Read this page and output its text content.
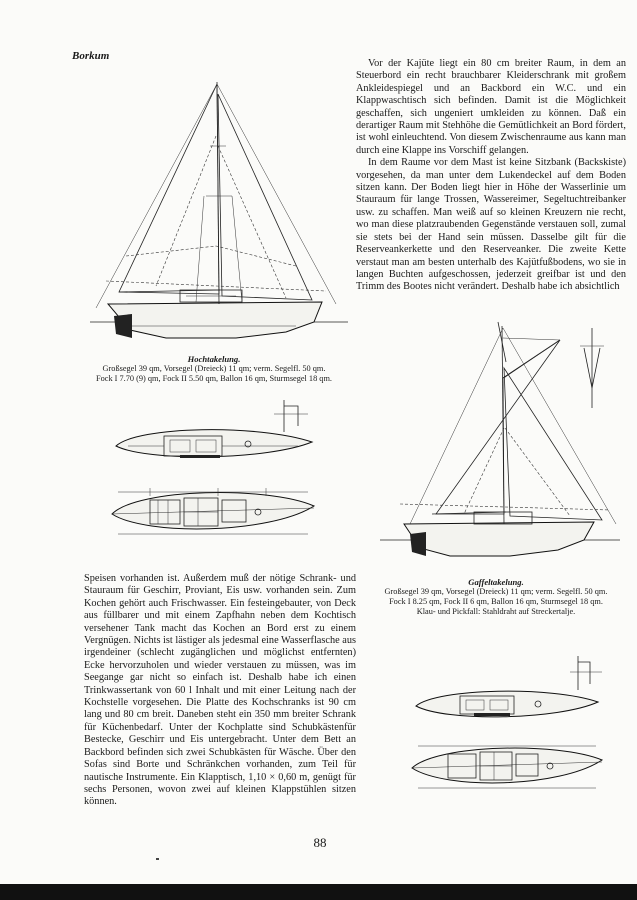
Borkum

Vor der Kajüte liegt ein 80 cm breiter Raum, in dem an Steuerbord ein recht brauchbarer Kleiderschrank mit großem Ankleidespiegel und an Backbord ein W.C. und ein Klappwaschtisch sich befinden. Damit ist die Möglichkeit geschaffen, sich ungeniert umkleiden zu können. Daß ein derartiger Raum mit Stehhöhe die Gemütlichkeit an Bord fördert, ist wohl einleuchtend. Von diesem Zwischenraume aus kann man durch eine Klappe ins Vorschiff gelangen.

In dem Raume vor dem Mast ist keine Sitzbank (Backskiste) vorgesehen, da man unter dem Lukendeckel auf dem Boden sitzen kann. Der Boden liegt hier in Höhe der Wasserlinie um Stauraum für lange Trossen, Wassereimer, Segeltuchtreibanker usw. zu schaffen. Man weiß auf so kleinen Kreuzern nie recht, wo man diese platzraubenden Gegenstände verstauen soll, zumal sie stets bei der Hand sein müssen. Dasselbe gilt für die Reserveankerkette und den Reserveanker. Die zweite Kette verstaut man am besten unterhalb des Kajütfußbodens, wo sie in langen Buchten aufgeschossen, jederzeit greifbar ist und den Trimm des Bootes nicht verändert. Deshalb habe ich absichtlich

Hochtakelung.
Großsegel 39 qm, Vorsegel (Dreieck) 11 qm; verm. Segelfl. 50 qm.
Fock I 7.70 (9) qm, Fock II 5.50 qm, Ballon 16 qm, Sturmsegel 18 qm.
Gaffeltakelung.
Großsegel 39 qm, Vorsegel (Dreieck) 11 qm; verm. Segelfl. 50 qm.
Fock I 8.25 qm, Fock II 6 qm, Ballon 16 qm, Sturmsegel 18 qm.
Klau- und Pickfall: Stahldraht auf Streckertalje.

Speisen vorhanden ist. Außerdem muß der nötige Schrank- und Stauraum für Geschirr, Proviant, Eis usw. vorhanden sein. Zum Kochen gehört auch Frischwasser. Ein festeingebauter, von Deck aus füllbarer und mit einem Zapfhahn neben dem Kochtisch versehener Tank macht das Kochen an Bord erst zu einem Vergnügen. Nichts ist lästiger als jedesmal eine Wasserflasche aus irgendeiner (schlecht zugänglichen und möglichst entfernten) Ecke hervorzuholen und wieder verstauen zu müssen, was im Seegange gar nicht so einfach ist. Deshalb habe ich einen Trinkwassertank von 60 l Inhalt und mit einer Leitung nach der Kochstelle vorgesehen. Die Platte des Kochschranks ist 90 cm lang und 80 cm breit. Daneben steht ein 350 mm breiter Schrank für Küchenbedarf. Unter der Kochplatte sind Schubkästenfür Bestecke, Geschirr und Eis untergebracht. Unter dem Bett an Backbord befinden sich zwei Schubkästen für Wäsche. Über den Sofas sind Borte und Schränkchen vorhanden, zum Teil für nautische Instrumente. Ein Klapptisch, 1,10 × 0,60 m, genügt für sechs Personen, wovon zwei auf kleinen Klappstühlen sitzen können.

88
